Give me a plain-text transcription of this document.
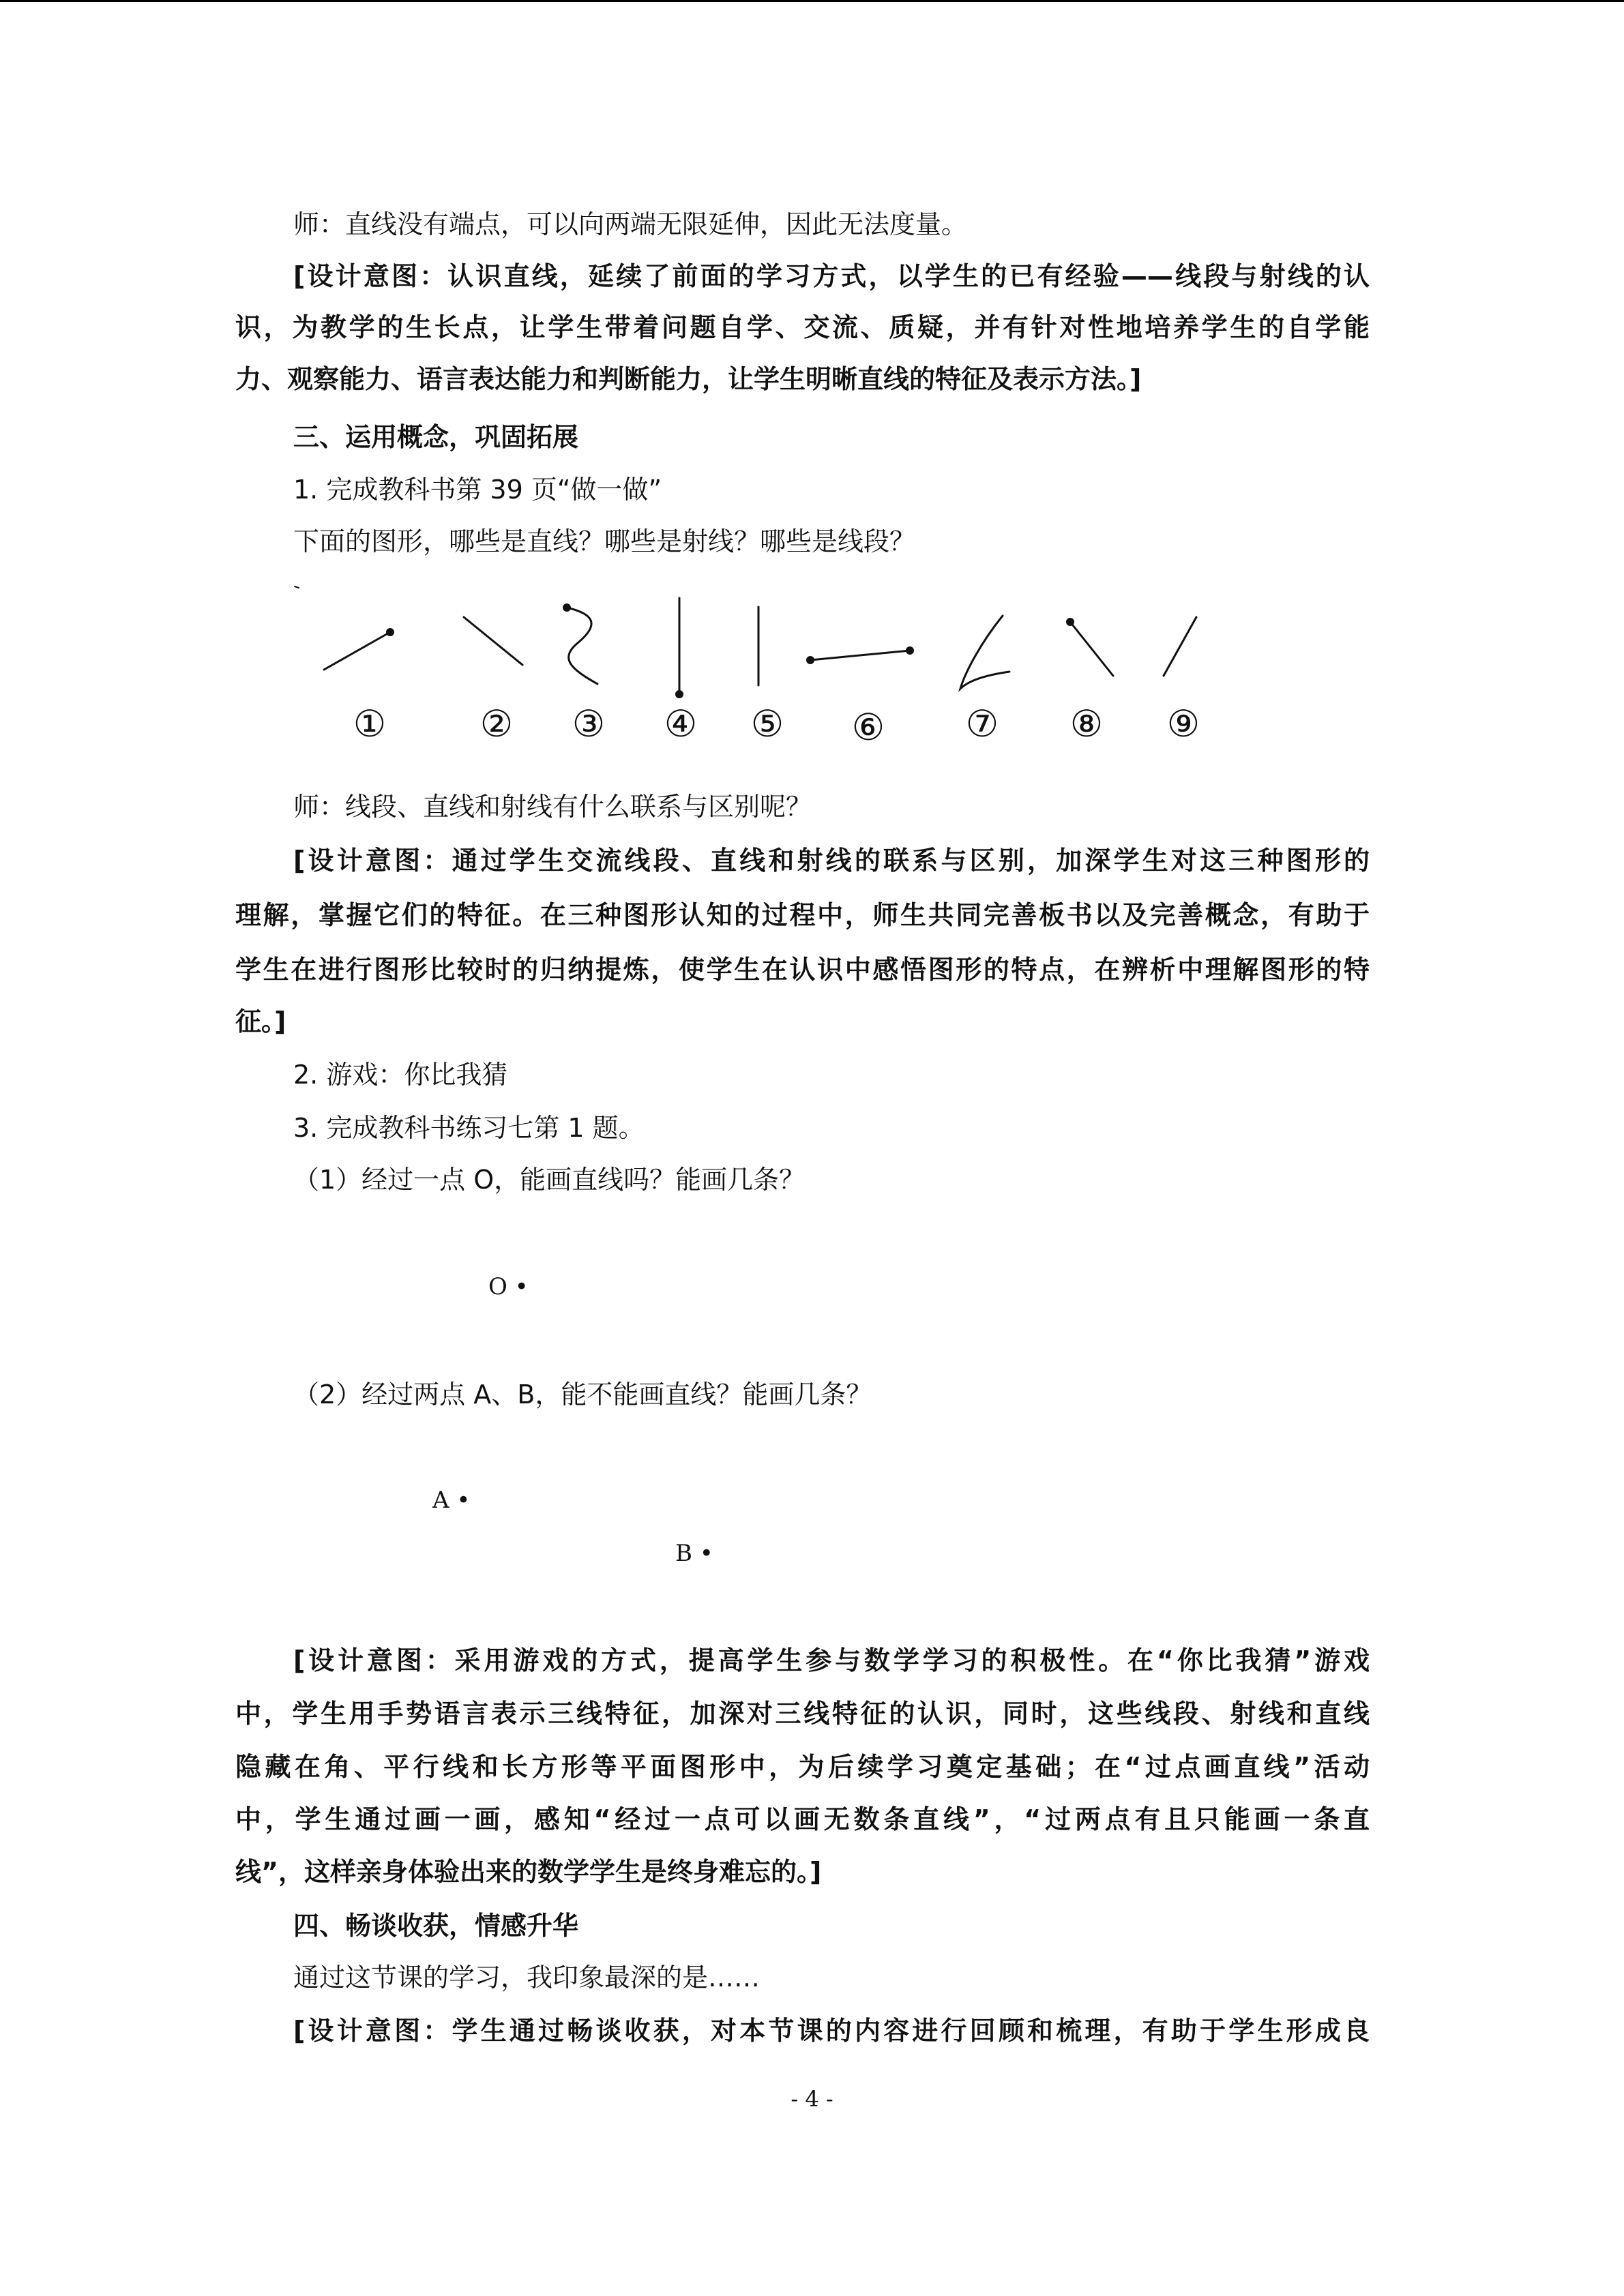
师：直线没有端点，可以向两端无限延伸，因此无法度量。
[设计意图：认识直线，延续了前面的学习方式，以学生的已有经验——线段与射线的认
识，为教学的生长点，让学生带着问题自学、交流、质疑，并有针对性地培养学生的自学能
力、观察能力、语言表达能力和判断能力，让学生明晰直线的特征及表示方法。]
三、运用概念，巩固拓展
1. 完成教科书第 39 页“做一做”
下面的图形，哪些是直线？哪些是射线？哪些是线段？
①	② ③ ④ ⑤ ⑥ ⑦ ⑧ ⑨
师：线段、直线和射线有什么联系与区别呢？
[设计意图：通过学生交流线段、直线和射线的联系与区别，加深学生对这三种图形的
理解，掌握它们的特征。在三种图形认知的过程中，师生共同完善板书以及完善概念，有助于
学生在进行图形比较时的归纳提炼，使学生在认识中感悟图形的特点，在辨析中理解图形的特
征。]
2. 游戏：你比我猜
3. 完成教科书练习七第 1 题。
（1）经过一点 O，能画直线吗？能画几条？
O •
（2）经过两点 A、B，能不能画直线？能画几条？
A •
B •
[设计意图：采用游戏的方式，提高学生参与数学学习的积极性。在“你比我猜”游戏
中，学生用手势语言表示三线特征，加深对三线特征的认识，同时，这些线段、射线和直线
隐藏在角、平行线和长方形等平面图形中，为后续学习奠定基础；在“过点画直线”活动
中，学生通过画一画，感知“经过一点可以画无数条直线”，“过两点有且只能画一条直
线”，这样亲身体验出来的数学学生是终身难忘的。]
四、畅谈收获，情感升华
通过这节课的学习，我印象最深的是……
[设计意图：学生通过畅谈收获，对本节课的内容进行回顾和梳理，有助于学生形成良
- 4 -
